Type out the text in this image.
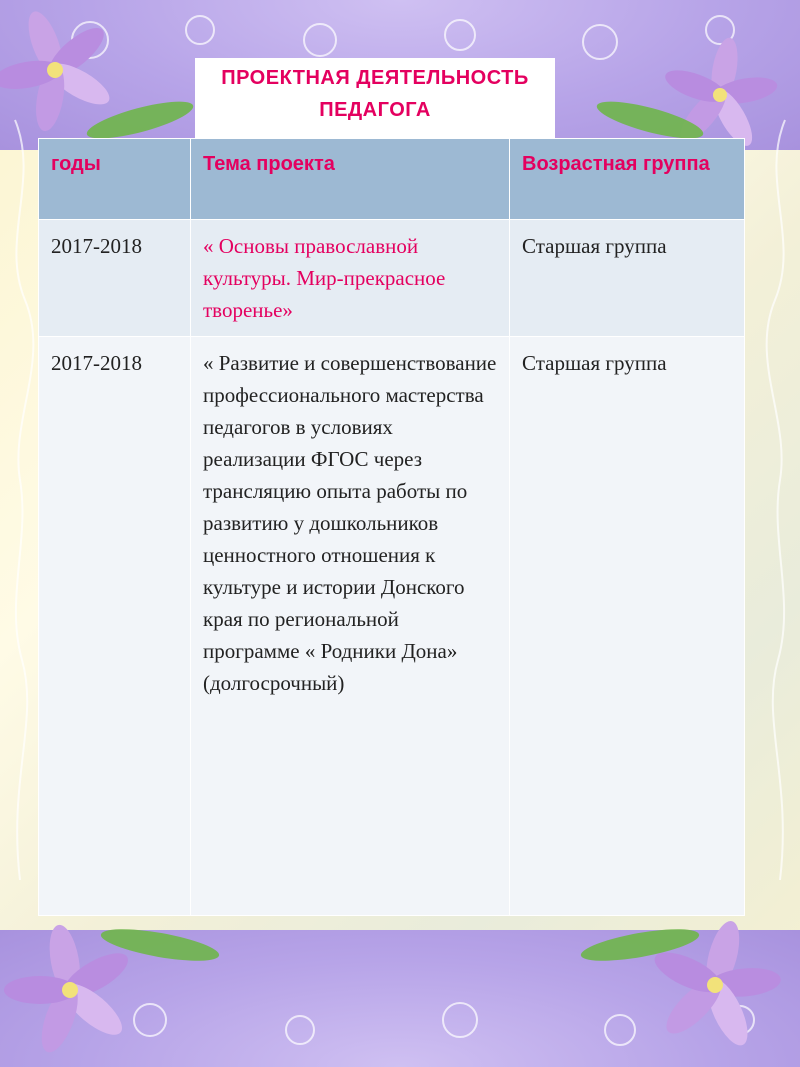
ПРОЕКТНАЯ ДЕЯТЕЛЬНОСТЬ ПЕДАГОГА
годы	Тема проекта	Возрастная группа
2017-2018	« Основы православной культуры. Мир-прекрасное творенье»	Старшая группа
2017-2018	« Развитие и совершенствование профессионального мастерства педагогов в условиях реализации ФГОС через трансляцию опыта работы по развитию у дошкольников ценностного отношения к культуре и истории Донского края по региональной программе « Родники Дона» (долгосрочный)	Старшая группа
